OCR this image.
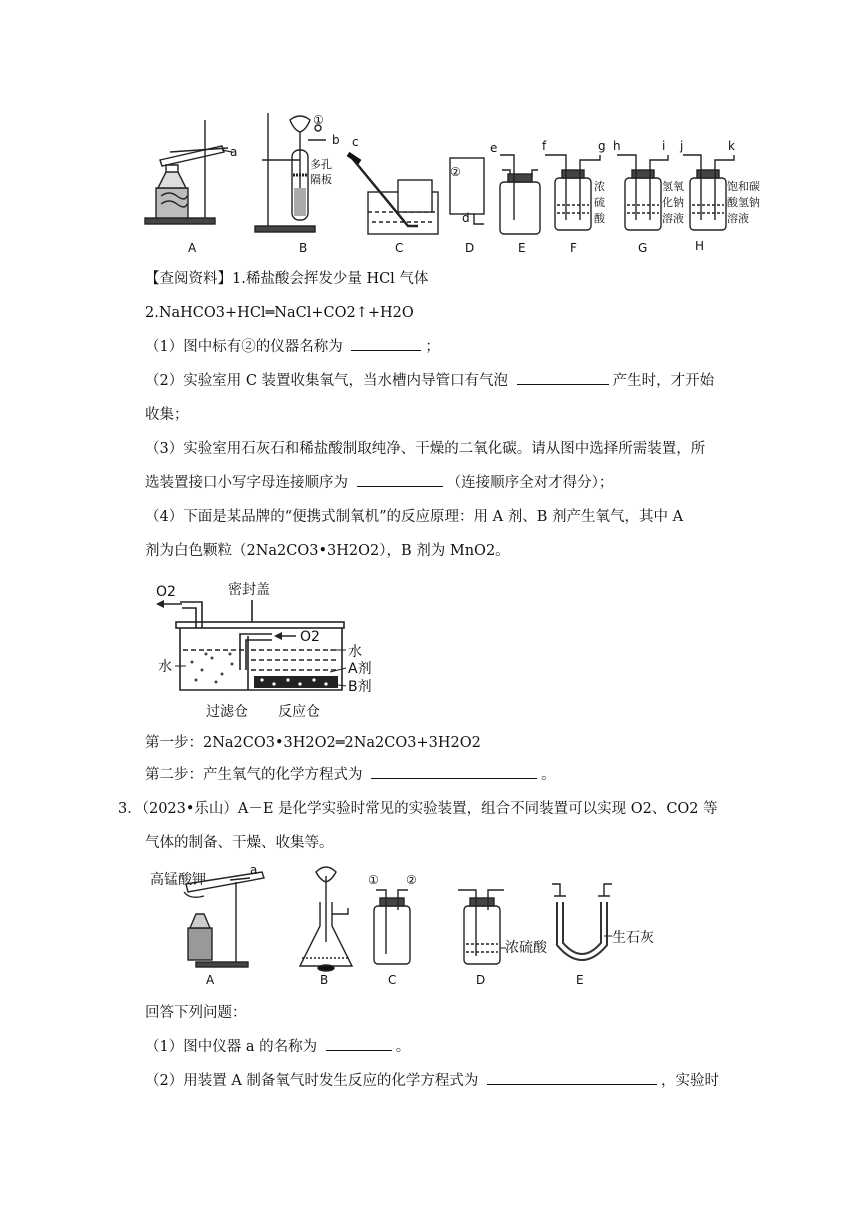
A	B	C	D	E	F	G	H
a
b c
d
e	f	g h	i j	k
①
②
多孔
隔板
浓
硫
酸
氢氧
化钠
溶液
饱和碳
酸氢钠
溶液
【查阅资料】1.稀盐酸会挥发少量 HCl 气体
2.NaHCO3+HCl═NaCl+CO2↑+H2O
（1）图中标有②的仪器名称为	；
（2）实验室用 C 装置收集氧气，当水槽内导管口有气泡	产生时，才开始
收集；
（3）实验室用石灰石和稀盐酸制取纯净、干燥的二氧化碳。请从图中选择所需装置，所
选装置接口小写字母连接顺序为	（连接顺序全对才得分）；
（4）下面是某品牌的“便携式制氧机”的反应原理：用 A 剂、B 剂产生氧气，其中 A
剂为白色颗粒（2Na2CO3•3H2O2），B 剂为 MnO2。
O2	密封盖
O2
水
水
A剂
B剂
过滤仓 反应仓
第一步：2Na2CO3•3H2O2═2Na2CO3+3H2O2
第二步：产生氧气的化学方程式为	。
3．（2023•乐山）A－E 是化学实验时常见的实验装置，组合不同装置可以实现 O2、CO2 等
气体的制备、干燥、收集等。
高锰酸钾
a
① ②
浓硫酸
生石灰
A	B	C	D	E
回答下列问题：
（1）图中仪器 a 的名称为	。
（2）用装置 A 制备氧气时发生反应的化学方程式为	，实验时
